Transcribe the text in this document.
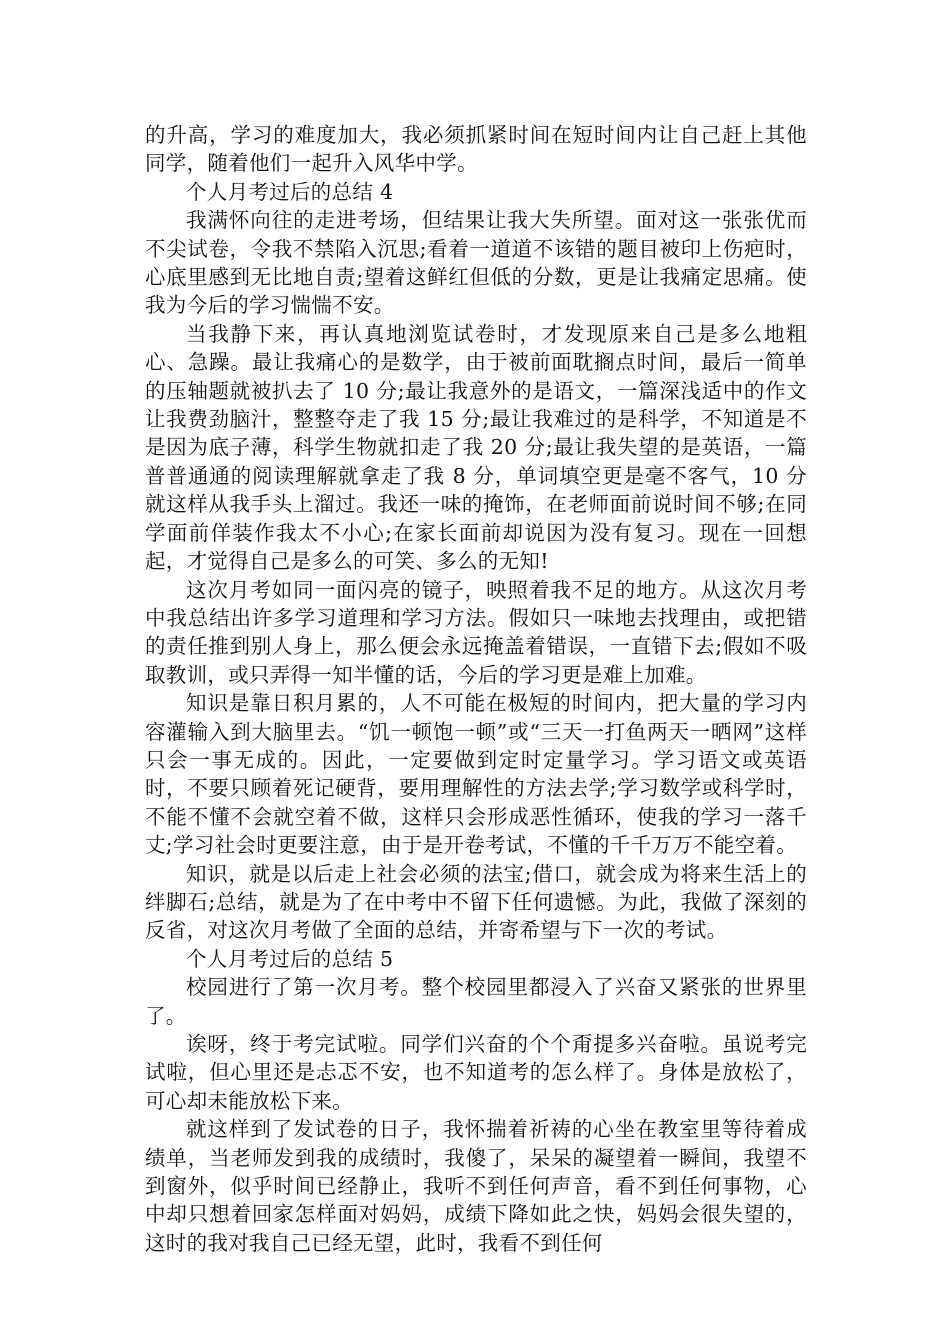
的升高，学习的难度加大，我必须抓紧时间在短时间内让自己赶上其他同学，随着他们一起升入风华中学。

个人月考过后的总结 4

我满怀向往的走进考场，但结果让我大失所望。面对这一张张优而不尖试卷，令我不禁陷入沉思;看着一道道不该错的题目被印上伤疤时，心底里感到无比地自责;望着这鲜红但低的分数，更是让我痛定思痛。使我为今后的学习惴惴不安。

当我静下来，再认真地浏览试卷时，才发现原来自己是多么地粗心、急躁。最让我痛心的是数学，由于被前面耽搁点时间，最后一简单的压轴题就被扒去了 10 分;最让我意外的是语文，一篇深浅适中的作文让我费劲脑汁，整整夺走了我 15 分;最让我难过的是科学，不知道是不是因为底子薄，科学生物就扣走了我 20 分;最让我失望的是英语，一篇普普通通的阅读理解就拿走了我 8 分，单词填空更是毫不客气，10 分就这样从我手头上溜过。我还一味的掩饰，在老师面前说时间不够;在同学面前佯装作我太不小心;在家长面前却说因为没有复习。现在一回想起，才觉得自己是多么的可笑、多么的无知!

这次月考如同一面闪亮的镜子，映照着我不足的地方。从这次月考中我总结出许多学习道理和学习方法。假如只一味地去找理由，或把错的责任推到别人身上，那么便会永远掩盖着错误，一直错下去;假如不吸取教训，或只弄得一知半懂的话，今后的学习更是难上加难。

知识是靠日积月累的，人不可能在极短的时间内，把大量的学习内容灌输入到大脑里去。“饥一顿饱一顿”或“三天一打鱼两天一晒网”这样只会一事无成的。因此，一定要做到定时定量学习。学习语文或英语时，不要只顾着死记硬背，要用理解性的方法去学;学习数学或科学时，不能不懂不会就空着不做，这样只会形成恶性循环，使我的学习一落千丈;学习社会时更要注意，由于是开卷考试，不懂的千千万万不能空着。

知识，就是以后走上社会必须的法宝;借口，就会成为将来生活上的绊脚石;总结，就是为了在中考中不留下任何遗憾。为此，我做了深刻的反省，对这次月考做了全面的总结，并寄希望与下一次的考试。

个人月考过后的总结 5

校园进行了第一次月考。整个校园里都浸入了兴奋又紧张的世界里了。

诶呀，终于考完试啦。同学们兴奋的个个甭提多兴奋啦。虽说考完试啦，但心里还是忐忑不安，也不知道考的怎么样了。身体是放松了，可心却未能放松下来。

就这样到了发试卷的日子，我怀揣着祈祷的心坐在教室里等待着成绩单，当老师发到我的成绩时，我傻了，呆呆的凝望着一瞬间，我望不到窗外，似乎时间已经静止，我听不到任何声音，看不到任何事物，心中却只想着回家怎样面对妈妈，成绩下降如此之快，妈妈会很失望的，这时的我对我自己已经无望，此时，我看不到任何
